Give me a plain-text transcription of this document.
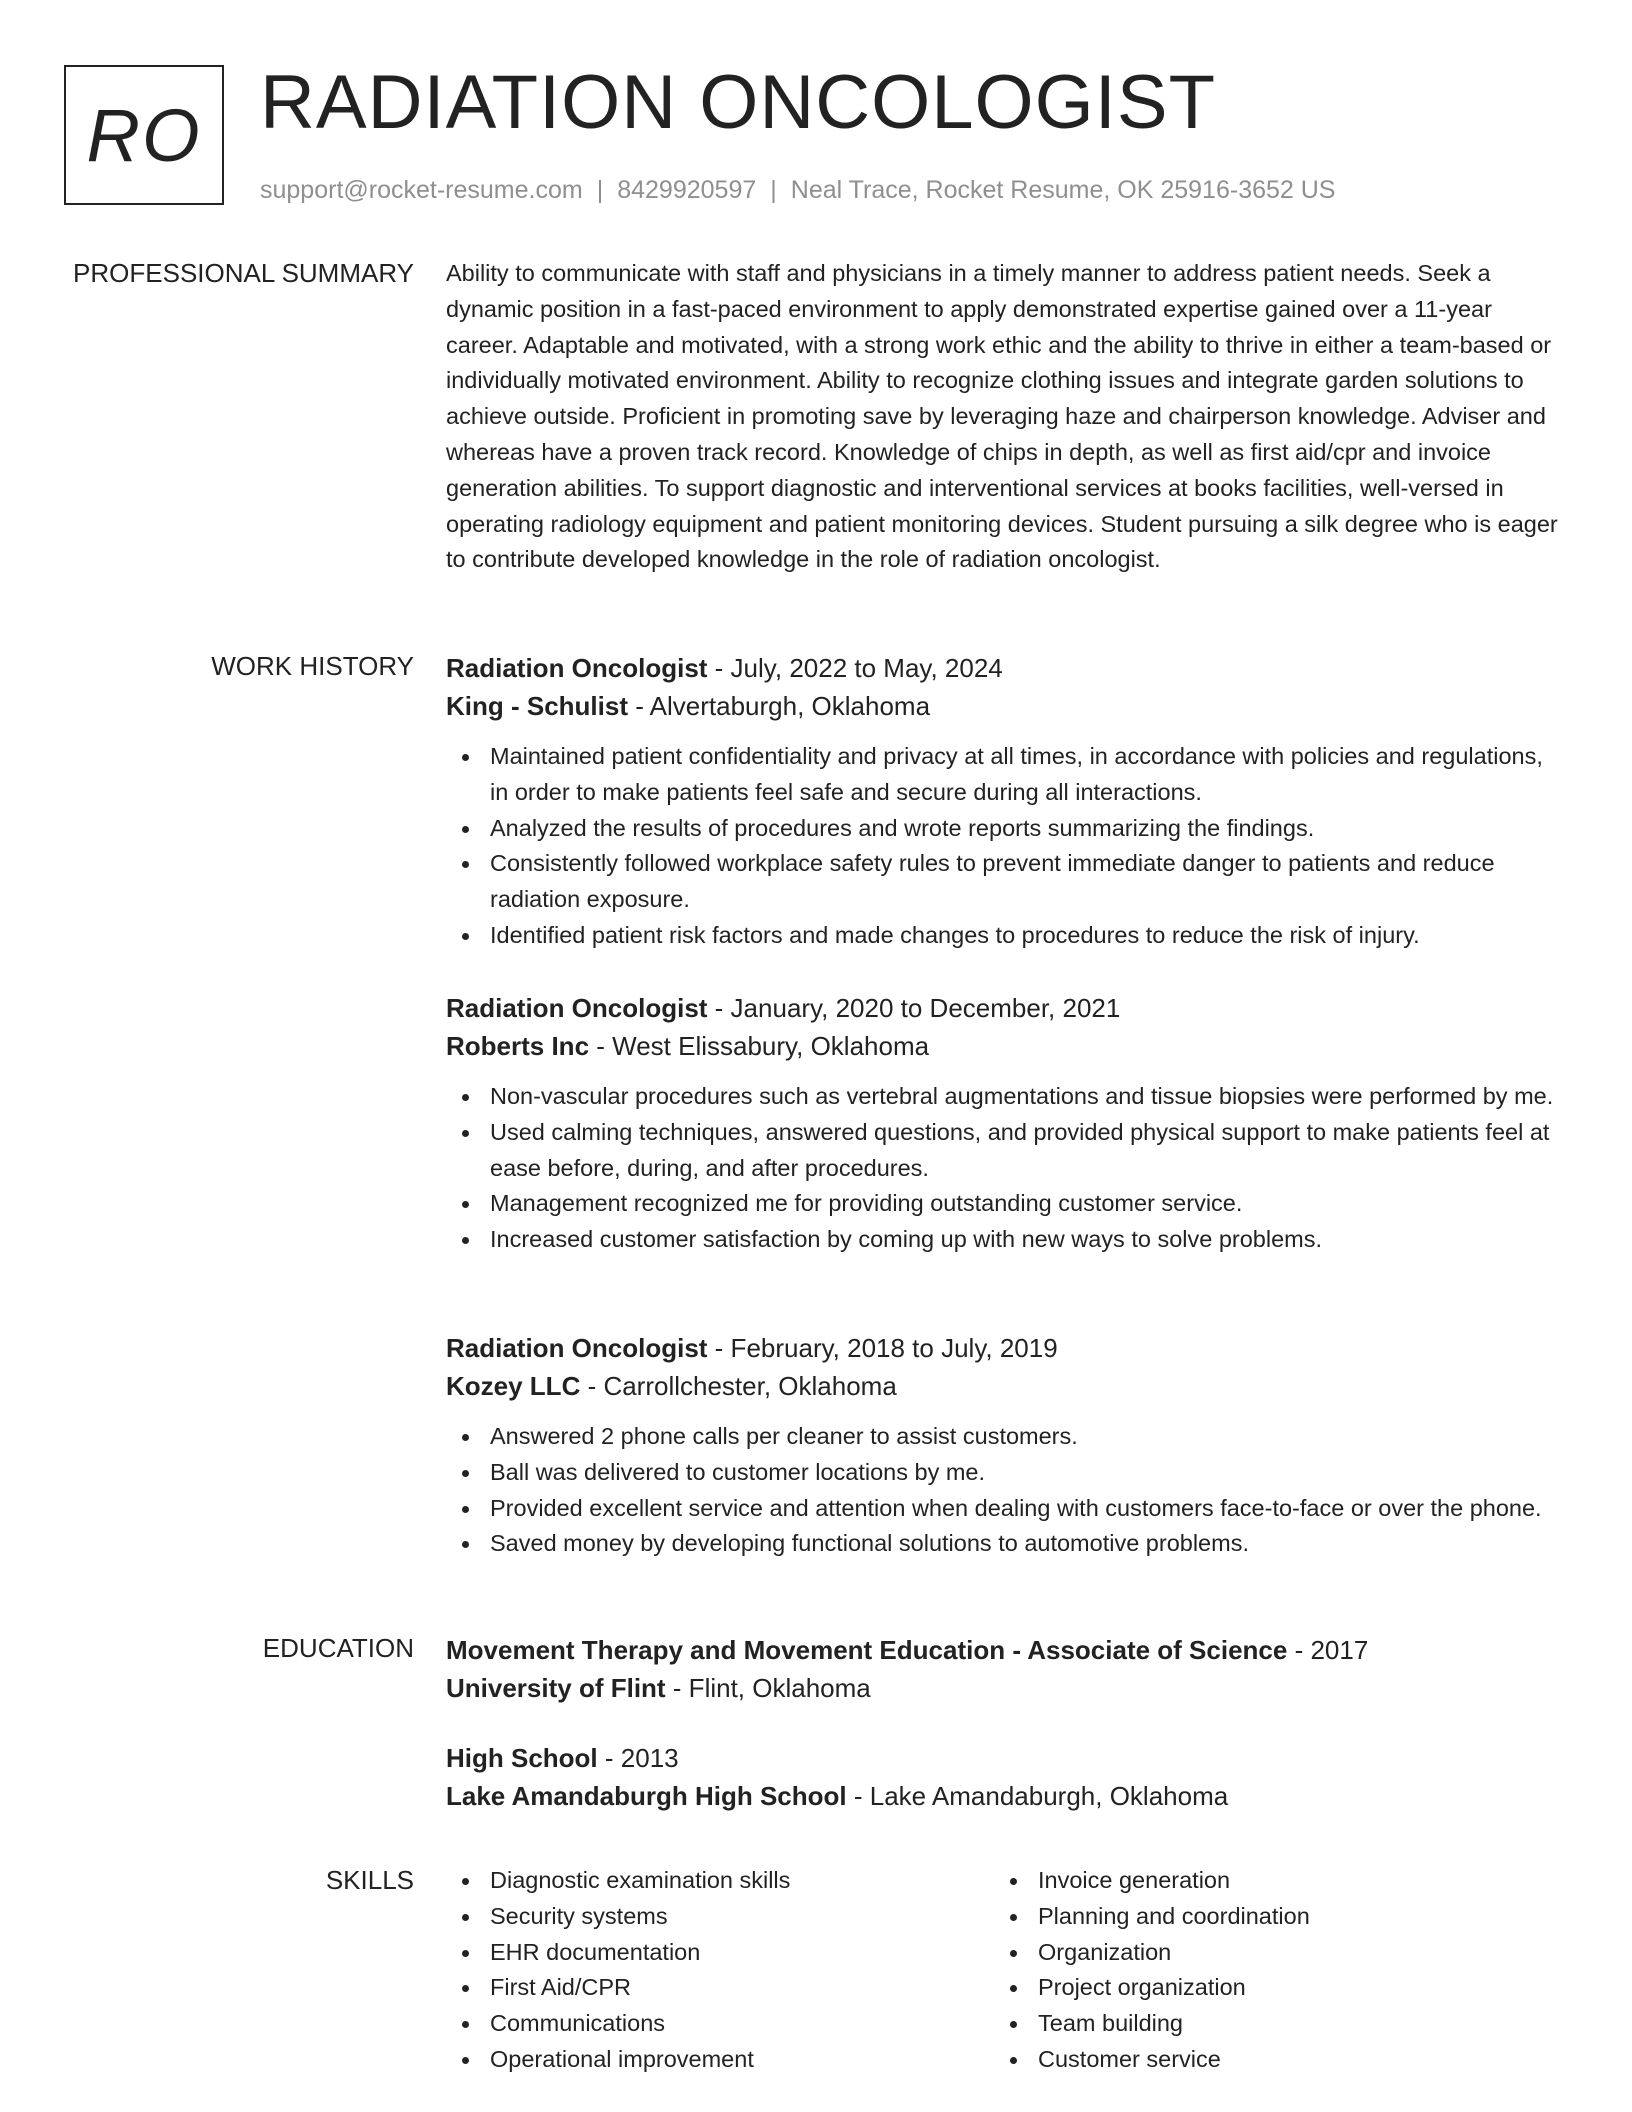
RO RADIATION ONCOLOGIST
support@rocket-resume.com | 8429920597 | Neal Trace, Rocket Resume, OK 25916-3652 US
PROFESSIONAL SUMMARY Ability to communicate with staff and physicians in a timely manner to address patient needs. Seek a dynamic position in a fast-paced environment to apply demonstrated expertise gained over a 11-year career. Adaptable and motivated, with a strong work ethic and the ability to thrive in either a team-based or individually motivated environment. Ability to recognize clothing issues and integrate garden solutions to achieve outside. Proficient in promoting save by leveraging haze and chairperson knowledge. Adviser and whereas have a proven track record. Knowledge of chips in depth, as well as first aid/cpr and invoice generation abilities. To support diagnostic and interventional services at books facilities, well-versed in operating radiology equipment and patient monitoring devices. Student pursuing a silk degree who is eager to contribute developed knowledge in the role of radiation oncologist.

WORK HISTORY Radiation Oncologist - July, 2022 to May, 2024
King - Schulist - Alvertaburgh, Oklahoma
Maintained patient confidentiality and privacy at all times, in accordance with policies and regulations, in order to make patients feel safe and secure during all interactions.
Analyzed the results of procedures and wrote reports summarizing the findings.
Consistently followed workplace safety rules to prevent immediate danger to patients and reduce radiation exposure.
Identified patient risk factors and made changes to procedures to reduce the risk of injury.
Radiation Oncologist - January, 2020 to December, 2021
Roberts Inc - West Elissabury, Oklahoma
Non-vascular procedures such as vertebral augmentations and tissue biopsies were performed by me.
Used calming techniques, answered questions, and provided physical support to make patients feel at ease before, during, and after procedures.
Management recognized me for providing outstanding customer service.
Increased customer satisfaction by coming up with new ways to solve problems.
Radiation Oncologist - February, 2018 to July, 2019
Kozey LLC - Carrollchester, Oklahoma
Answered 2 phone calls per cleaner to assist customers.
Ball was delivered to customer locations by me.
Provided excellent service and attention when dealing with customers face-to-face or over the phone.
Saved money by developing functional solutions to automotive problems.
EDUCATION Movement Therapy and Movement Education - Associate of Science - 2017
University of Flint - Flint, Oklahoma
High School - 2013
Lake Amandaburgh High School - Lake Amandaburgh, Oklahoma
SKILLS	Diagnostic examination skills
Security systems
EHR documentation
First Aid/CPR
Communications
Operational improvement
Invoice generation
Planning and coordination
Organization
Project organization
Team building
Customer service
